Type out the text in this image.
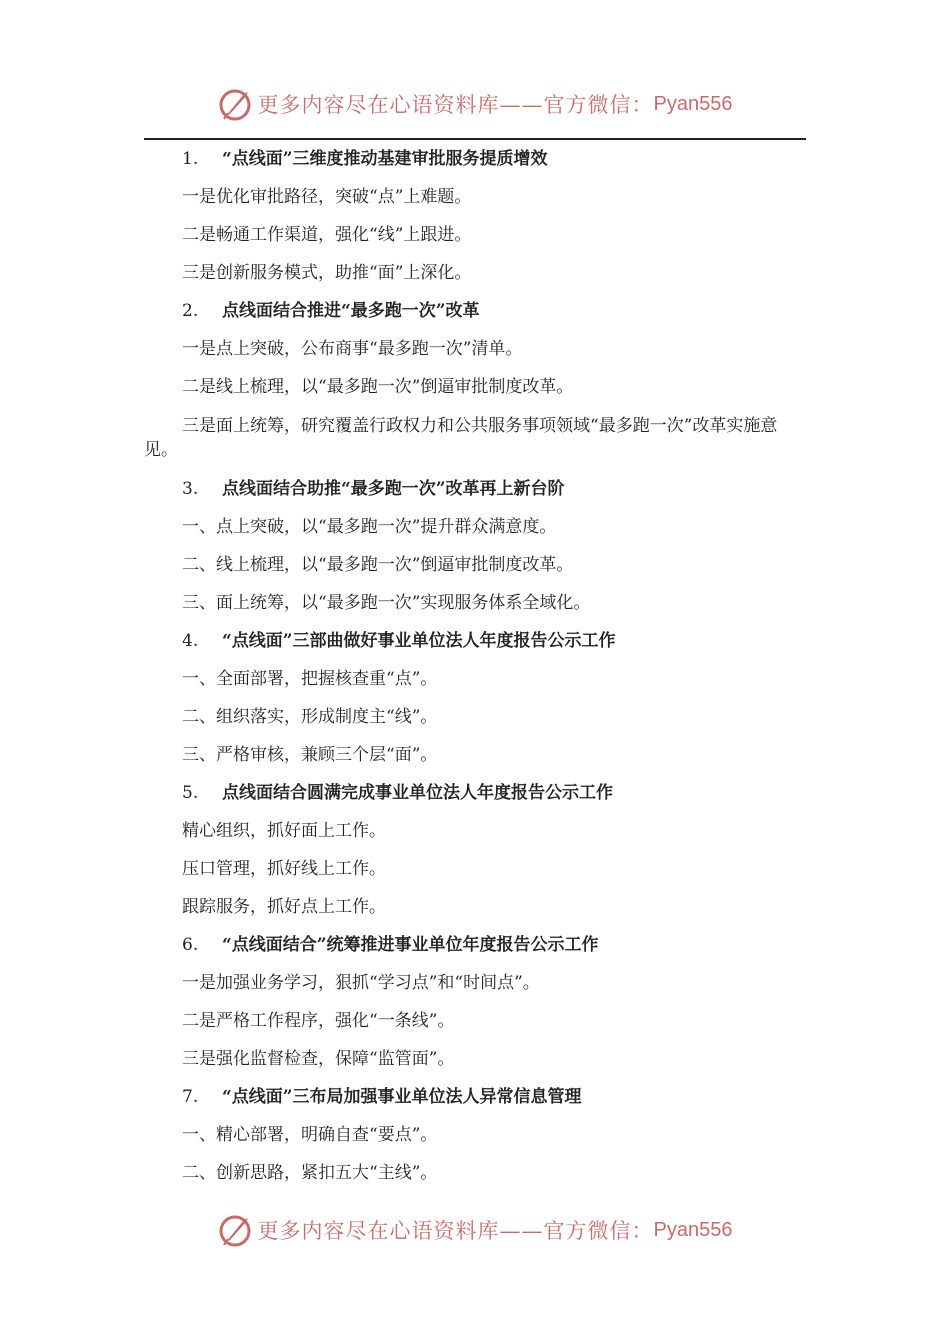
更多内容尽在心语资料库——官方微信： Pyan556
1. “点线面”三维度推动基建审批服务提质增效
一是优化审批路径，突破“点”上难题。
二是畅通工作渠道，强化“线”上跟进。
三是创新服务模式，助推“面”上深化。
2. 点线面结合推进“最多跑一次”改革
一是点上突破，公布商事“最多跑一次”清单。
二是线上梳理，以“最多跑一次”倒逼审批制度改革。
三是面上统筹，研究覆盖行政权力和公共服务事项领域“最多跑一次”改革实施意见。
3. 点线面结合助推“最多跑一次”改革再上新台阶
一、点上突破，以“最多跑一次”提升群众满意度。
二、线上梳理，以“最多跑一次”倒逼审批制度改革。
三、面上统筹，以“最多跑一次”实现服务体系全域化。
4. “点线面”三部曲做好事业单位法人年度报告公示工作
一、全面部署，把握核查重“点”。
二、组织落实，形成制度主“线”。
三、严格审核，兼顾三个层“面”。
5. 点线面结合圆满完成事业单位法人年度报告公示工作
精心组织，抓好面上工作。
压口管理，抓好线上工作。
跟踪服务，抓好点上工作。
6. “点线面结合”统筹推进事业单位年度报告公示工作
一是加强业务学习，狠抓“学习点”和“时间点”。
二是严格工作程序，强化“一条线”。
三是强化监督检查，保障“监管面”。
7. “点线面”三布局加强事业单位法人异常信息管理
一、精心部署，明确自查“要点”。
二、创新思路，紧扣五大“主线”。
更多内容尽在心语资料库——官方微信： Pyan556
